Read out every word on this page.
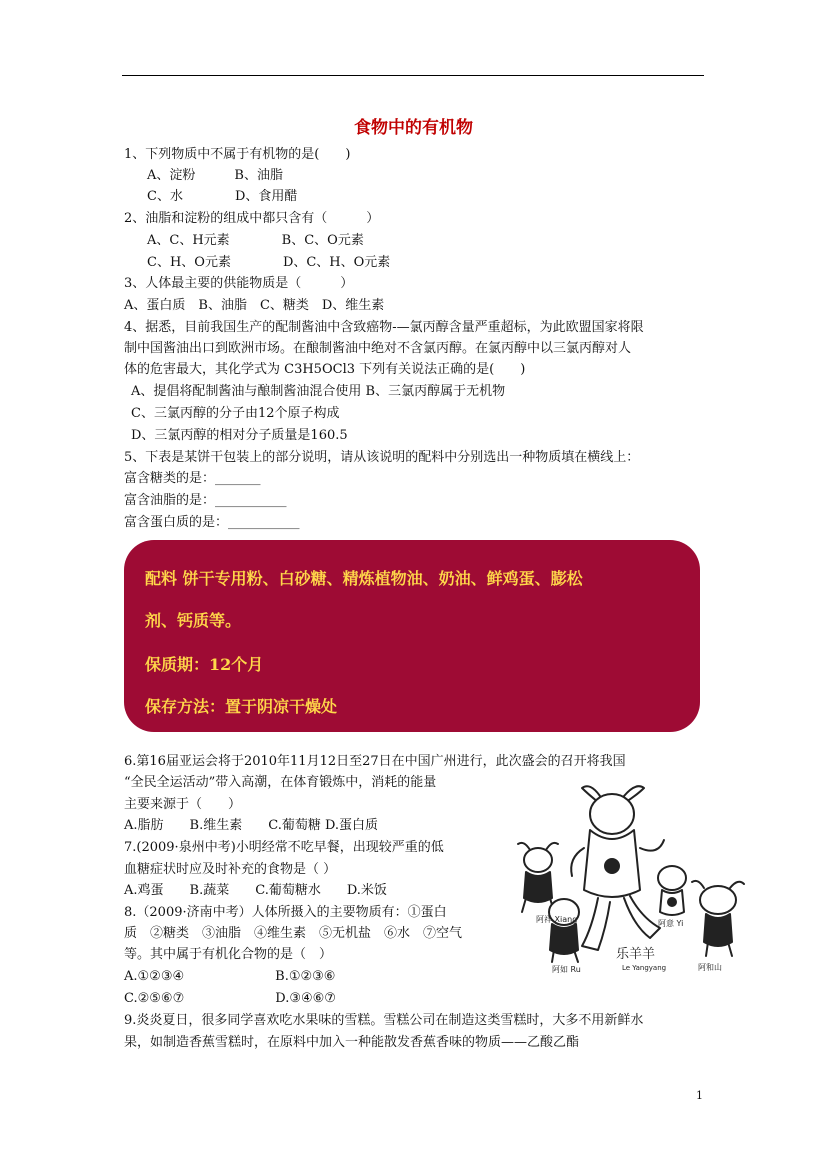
食物中的有机物
1、下列物质中不属于有机物的是(　　)
A、淀粉　　　B、油脂
C、水　　　　D、食用醋
2、油脂和淀粉的组成中都只含有（　　　）
A、C、H元素　　　　B、C、O元素
C、H、O元素　　　　D、C、H、O元素
3、人体最主要的供能物质是（　　　）
A、蛋白质　B、油脂　C、糖类　D、维生素
4、据悉，目前我国生产的配制酱油中含致癌物-—氯丙醇含量严重超标，为此欧盟国家将限
制中国酱油出口到欧洲市场。在酿制酱油中绝对不含氯丙醇。在氯丙醇中以三氯丙醇对人
体的危害最大，其化学式为 C3H5OCl3 下列有关说法正确的是(　　)
A、提倡将配制酱油与酿制酱油混合使用 B、三氯丙醇属于无机物
C、三氯丙醇的分子由12个原子构成
D、三氯丙醇的相对分子质量是160.5
5、下表是某饼干包装上的部分说明，请从该说明的配料中分别选出一种物质填在横线上：
富含糖类的是：_______
富含油脂的是：___________
富含蛋白质的是：___________
配料 饼干专用粉、白砂糖、精炼植物油、奶油、鲜鸡蛋、膨松
剂、钙质等。
保质期：12个月
保存方法：置于阴凉干燥处
6.第16届亚运会将于2010年11月12日至27日在中国广州进行，此次盛会的召开将我国
“全民全运活动”带入高潮，在体育锻炼中，消耗的能量
主要来源于（　　）
A.脂肪　　B.维生素　　C.葡萄糖 D.蛋白质
7.(2009·泉州中考)小明经常不吃早餐，出现较严重的低
血糖症状时应及时补充的食物是（ ）
A.鸡蛋　　B.蔬菜　　C.葡萄糖水　　D.米饭
8.（2009·济南中考）人体所摄入的主要物质有：①蛋白
质　②糖类　③油脂　④维生素　⑤无机盐　⑥水　⑦空气
等。其中属于有机化合物的是（　）
A.①②③④　　　　　　　B.①②③⑥
C.②⑤⑥⑦　　　　　　　D.③④⑥⑦
9.炎炎夏日，很多同学喜欢吃水果味的雪糕。雪糕公司在制造这类雪糕时，大多不用新鲜水
果，如制造香蕉雪糕时，在原料中加入一种能散发香蕉香味的物质——乙酸乙酯
阿祥 Xiang
阿如 Ru
阿意 Yi
阿和山
乐羊羊
Le Yangyang
1
